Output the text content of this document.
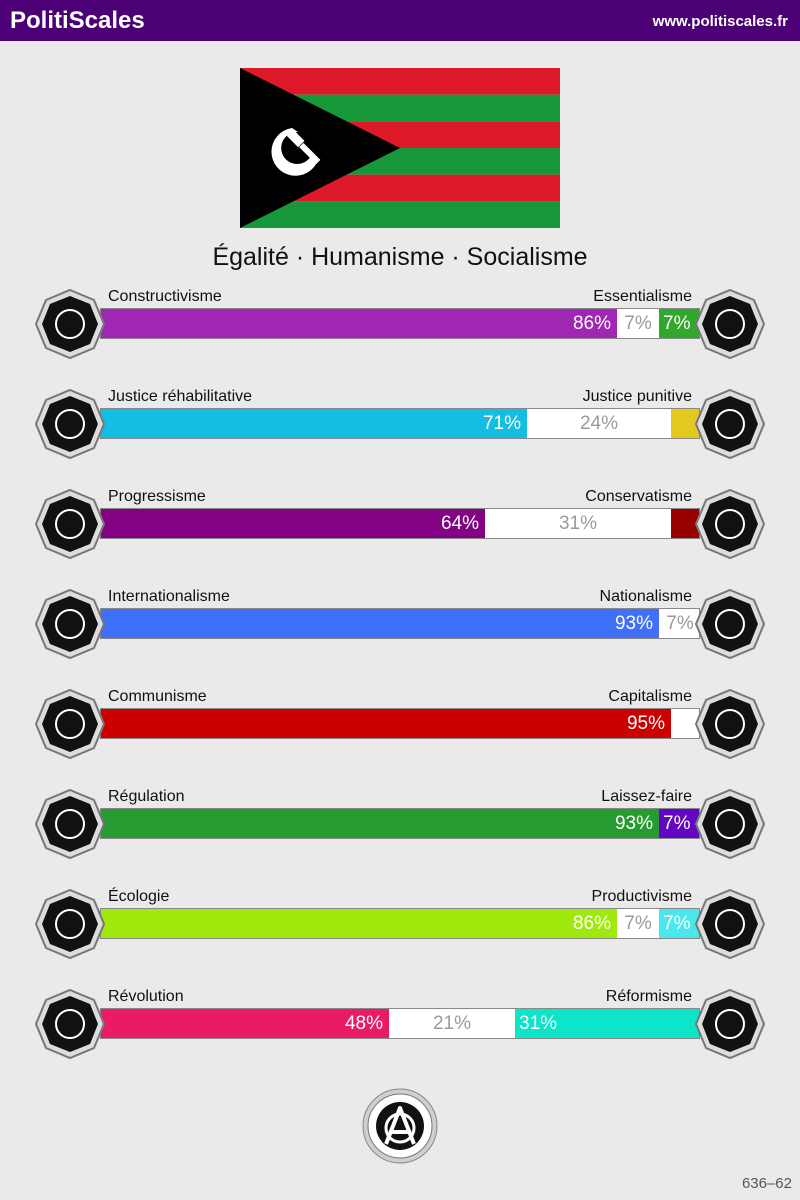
PolitiScales	www.politiscales.fr
Égalité · Humanisme · Socialisme
Constructivisme	Essentialisme
86% 7% 7%
Justice réhabilitative	Justice punitive
71%	24%
Progressisme	Conservatisme
64%	31%
Internationalisme	Nationalisme
93% 7%
Communisme	Capitalisme
95%
Régulation	Laissez-faire
93% 7%
Écologie	Productivisme
86% 7% 7%
Révolution	Réformisme
48%	21%	31%
636–62
